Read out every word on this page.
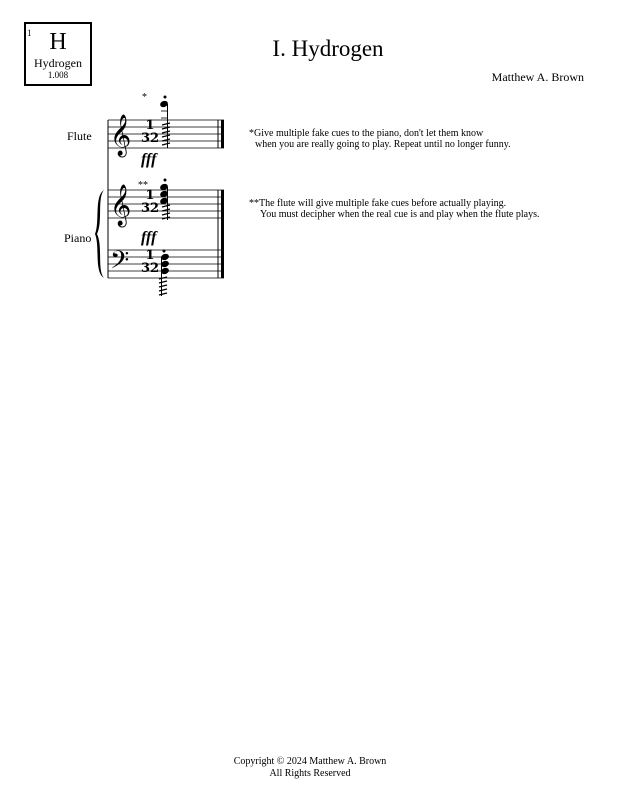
1 H
Hydrogen
1.008
I. Hydrogen
Matthew A. Brown
Flute
Piano
𝄞
𝄞
𝄢
1
32
1
32
1
32
fff
fff
*
**
*Give multiple fake cues to the piano, don't let them know
when you are really going to play. Repeat until no longer funny.
**The flute will give multiple fake cues before actually playing.
You must decipher when the real cue is and play when the flute plays.
Copyright © 2024 Matthew A. Brown
All Rights Reserved
